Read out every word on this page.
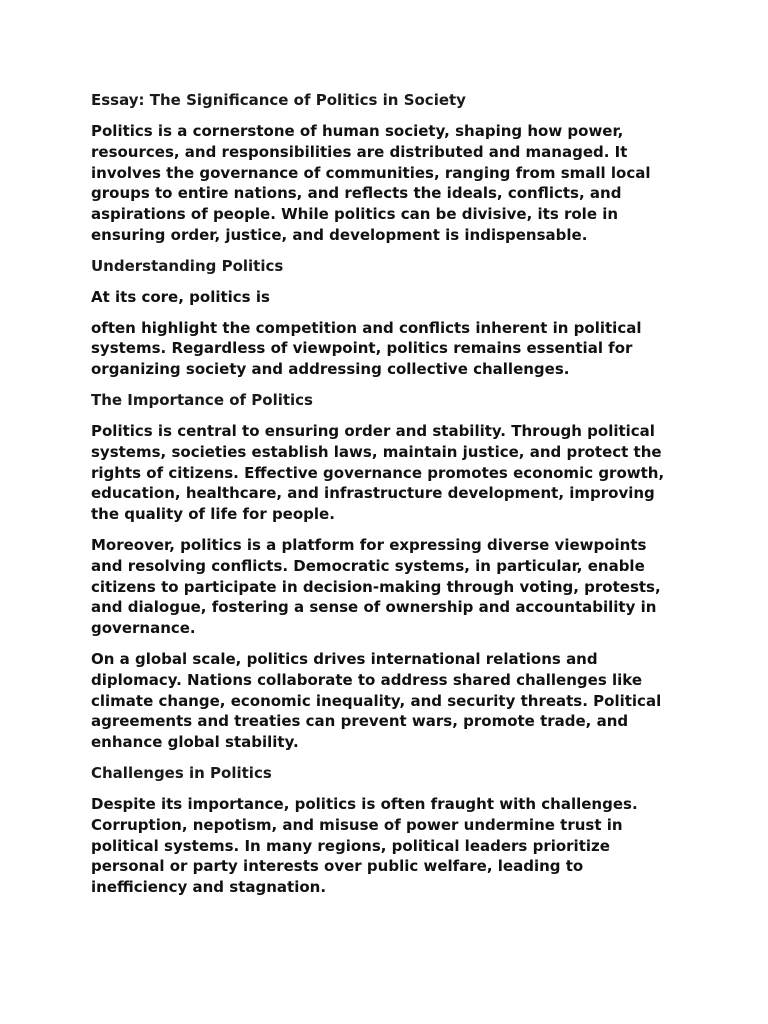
Essay: The Significance of Politics in Society

Politics is a cornerstone of human society, shaping how power, resources, and responsibilities are distributed and managed. It involves the governance of communities, ranging from small local groups to entire nations, and reflects the ideals, conflicts, and aspirations of people. While politics can be divisive, its role in ensuring order, justice, and development is indispensable.

Understanding Politics

At its core, politics is

often highlight the competition and conflicts inherent in political systems. Regardless of viewpoint, politics remains essential for organizing society and addressing collective challenges.

The Importance of Politics

Politics is central to ensuring order and stability. Through political systems, societies establish laws, maintain justice, and protect the rights of citizens. Effective governance promotes economic growth, education, healthcare, and infrastructure development, improving the quality of life for people.

Moreover, politics is a platform for expressing diverse viewpoints and resolving conflicts. Democratic systems, in particular, enable citizens to participate in decision-making through voting, protests, and dialogue, fostering a sense of ownership and accountability in governance.

On a global scale, politics drives international relations and diplomacy. Nations collaborate to address shared challenges like climate change, economic inequality, and security threats. Political agreements and treaties can prevent wars, promote trade, and enhance global stability.

Challenges in Politics

Despite its importance, politics is often fraught with challenges. Corruption, nepotism, and misuse of power undermine trust in political systems. In many regions, political leaders prioritize personal or party interests over public welfare, leading to inefficiency and stagnation.
